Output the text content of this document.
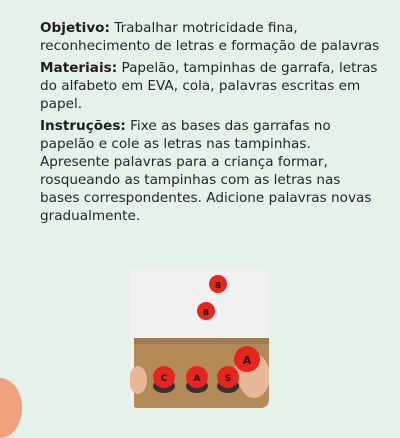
Objetivo: Trabalhar motricidade fina, reconhecimento de letras e formação de palavras

Materiais: Papelão, tampinhas de garrafa, letras do alfabeto em EVA, cola, palavras escritas em papel.

Instruções: Fixe as bases das garrafas no papelão e cole as letras nas tampinhas. Apresente palavras para a criança formar, rosqueando as tampinhas com as letras nas bases correspondentes. Adicione palavras novas gradualmente.

B
B
A
C	A	S
